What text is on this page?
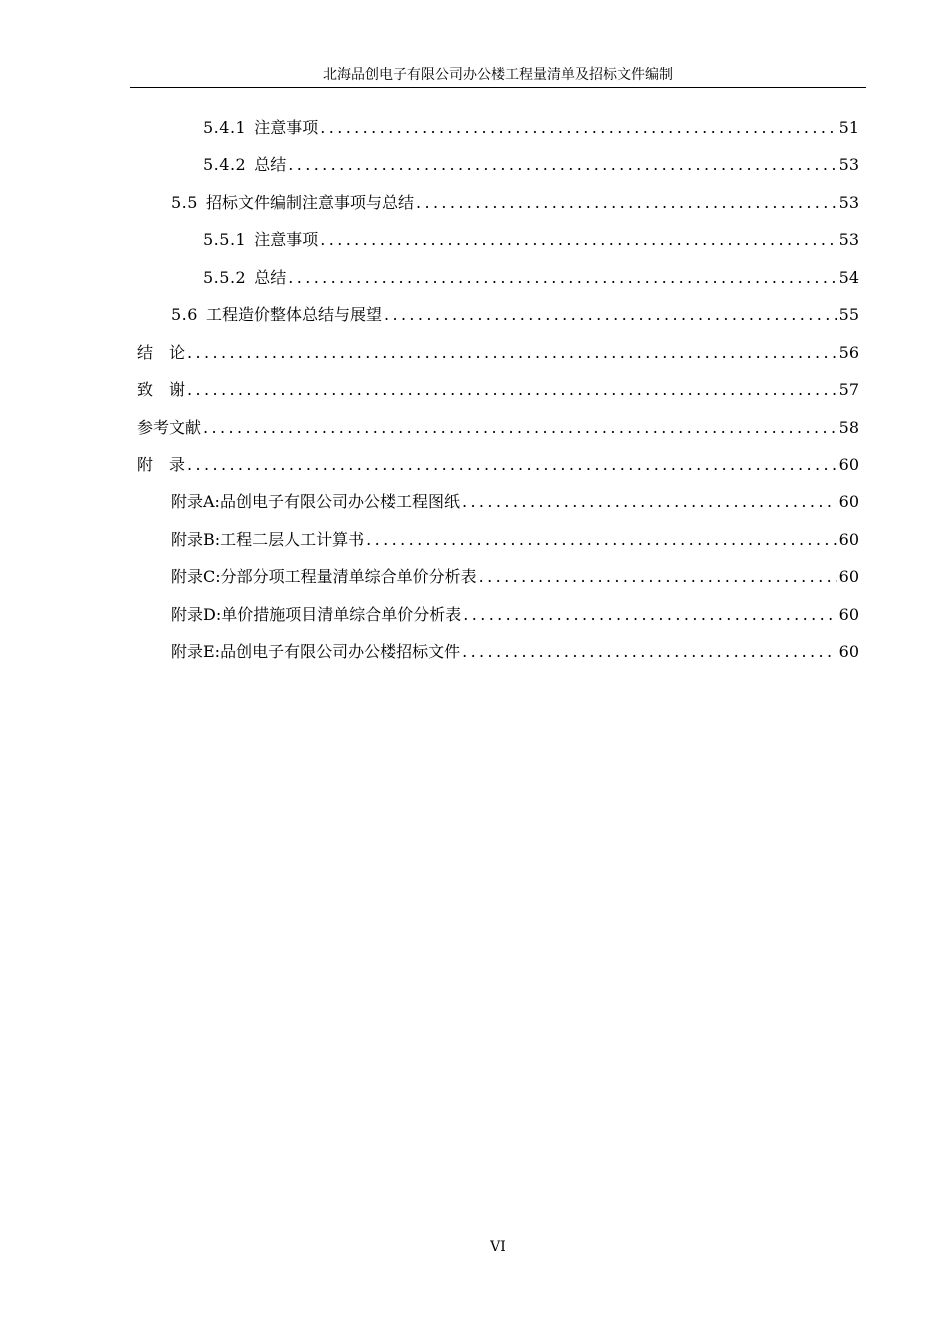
北海品创电子有限公司办公楼工程量清单及招标文件编制
5.4.1 注意事项 .....	51
5.4.2 总结 .....	53
5.5 招标文件编制注意事项与总结 .....	53
5.5.1 注意事项 .....	53
5.5.2 总结 .....	54
5.6 工程造价整体总结与展望 .....	55
结　论 .....	56
致　谢 .....	57
参考文献 .....	58
附　录 .....	60
附录A:品创电子有限公司办公楼工程图纸 .....	60
附录B:工程二层人工计算书 .....	60
附录C:分部分项工程量清单综合单价分析表 .....	60
附录D:单价措施项目清单综合单价分析表 .....	60
附录E:品创电子有限公司办公楼招标文件 .....	60
VI
